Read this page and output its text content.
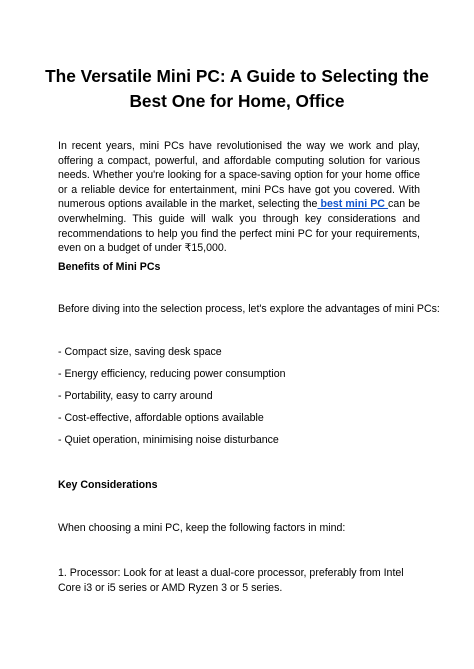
The Versatile Mini PC: A Guide to Selecting the Best One for Home, Office

In recent years, mini PCs have revolutionised the way we work and play, offering a compact, powerful, and affordable computing solution for various needs. Whether you're looking for a space-saving option for your home office or a reliable device for entertainment, mini PCs have got you covered. With numerous options available in the market, selecting the best mini PC can be overwhelming. This guide will walk you through key considerations and recommendations to help you find the perfect mini PC for your requirements, even on a budget of under ₹15,000.

Benefits of Mini PCs

Before diving into the selection process, let's explore the advantages of mini PCs:

- Compact size, saving desk space

- Energy efficiency, reducing power consumption

- Portability, easy to carry around

- Cost-effective, affordable options available

- Quiet operation, minimising noise disturbance

Key Considerations

When choosing a mini PC, keep the following factors in mind:

1. Processor: Look for at least a dual-core processor, preferably from Intel Core i3 or i5 series or AMD Ryzen 3 or 5 series.
